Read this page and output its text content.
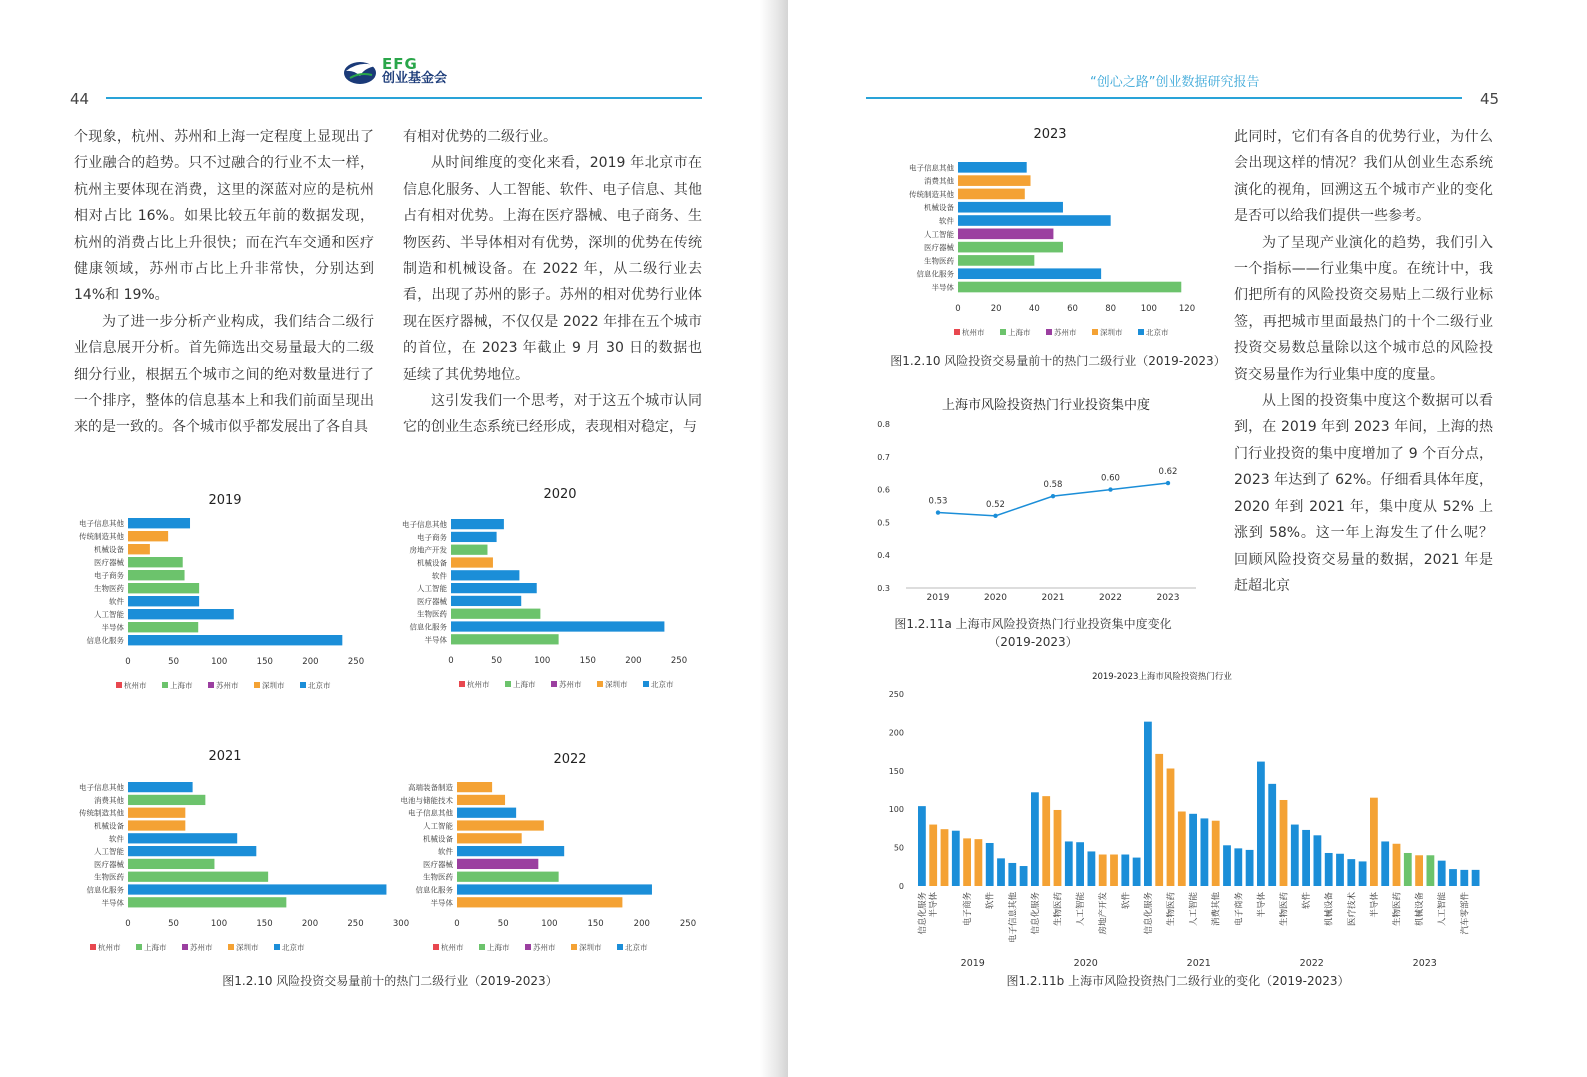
44
EFG
创业基金会

个现象，杭州、苏州和上海一定程度上显现出了行业融合的趋势。只不过融合的行业不太一样，杭州主要体现在消费，这里的深蓝对应的是杭州相对占比 16%。如果比较五年前的数据发现，杭州的消费占比上升很快；而在汽车交通和医疗健康领域，苏州市占比上升非常快，分别达到 14%和 19%。

为了进一步分析产业构成，我们结合二级行业信息展开分析。首先筛选出交易量最大的二级细分行业，根据五个城市之间的绝对数量进行了一个排序，整体的信息基本上和我们前面呈现出来的是一致的。各个城市似乎都发展出了各自具

有相对优势的二级行业。

从时间维度的变化来看，2019 年北京市在信息化服务、人工智能、软件、电子信息、其他占有相对优势。上海在医疗器械、电子商务、生物医药、半导体相对有优势，深圳的优势在传统制造和机械设备。在 2022 年，从二级行业去看，出现了苏州的影子。苏州的相对优势行业体现在医疗器械，不仅仅是 2022 年排在五个城市的首位，在 2023 年截止 9 月 30 日的数据也延续了其优势地位。

这引发我们一个思考，对于这五个城市认同它的创业生态系统已经形成，表现相对稳定，与

2019
电子信息其他
传统制造其他
机械设备
医疗器械
电子商务
生物医药
软件
人工智能
半导体
信息化服务
0	50	100	150	200	250
杭州市	上海市	苏州市	深圳市	北京市
2020
电子信息其他
电子商务
房地产开发
机械设备
软件
人工智能
医疗器械
生物医药
信息化服务
半导体
0	50	100	150	200	250
杭州市	上海市	苏州市	深圳市	北京市
2021
电子信息其他
消费其他
传统制造其他
机械设备
软件
人工智能
医疗器械
生物医药
信息化服务
半导体
0	50	100	150	200	250	300
杭州市	上海市	苏州市	深圳市	北京市
2022
高端装备制造
电池与储能技术
电子信息其他
人工智能
机械设备
软件
医疗器械
生物医药
信息化服务
半导体
0	50	100	150	200	250
杭州市	上海市	苏州市	深圳市	北京市
图1.2.10 风险投资交易量前十的热门二级行业（2019-2023）
45
2023
电子信息其他
消费其他
传统制造其他
机械设备
软件
人工智能
医疗器械
生物医药
信息化服务
半导体
0	20	40	60	80	100	120
杭州市	上海市	苏州市	深圳市	北京市
图1.2.10 风险投资交易量前十的热门二级行业（2019-2023）
上海市风险投资热门行业投资集中度
0.3
0.4
0.5
0.6
0.7
0.8
0.53	0.52
0.58
0.60
0.62
2019	2020	2021	2022	2023
图1.2.11a 上海市风险投资热门行业投资集中度变化
（2019-2023）

此同时，它们有各自的优势行业，为什么会出现这样的情况？我们从创业生态系统演化的视角，回溯这五个城市产业的变化是否可以给我们提供一些参考。

为了呈现产业演化的趋势，我们引入一个指标——行业集中度。在统计中，我们把所有的风险投资交易贴上二级行业标签，再把城市里面最热门的十个二级行业投资交易数总量除以这个城市总的风险投资交易量作为行业集中度的度量。

从上图的投资集中度这个数据可以看到，在 2019 年到 2023 年间，上海的热门行业投资的集中度增加了 9 个百分点，2023 年达到了 62%。仔细看具体年度，2020 年到 2021 年，集中度从 52% 上涨到 58%。这一年上海发生了什么呢？回顾风险投资交易量的数据，2021 年是赶超北京

“创心之路”创业数据研究报告
2019-2023上海市风险投资热门行业
0
50
100
150
200
250
信息化服务 半导体	电子商务 软件 电子信息其他
2019
信息化服务 生物医药 人工智能 房地产开发 软件
2020
信息化服务 生物医药 人工智能 消费其他 电子商务
2021
半导体 生物医药 软件 机械设备 医疗技术
2022
半导体 生物医药 机械设备 人工智能 汽车零部件
2023
图1.2.11b 上海市风险投资热门二级行业的变化（2019-2023）
